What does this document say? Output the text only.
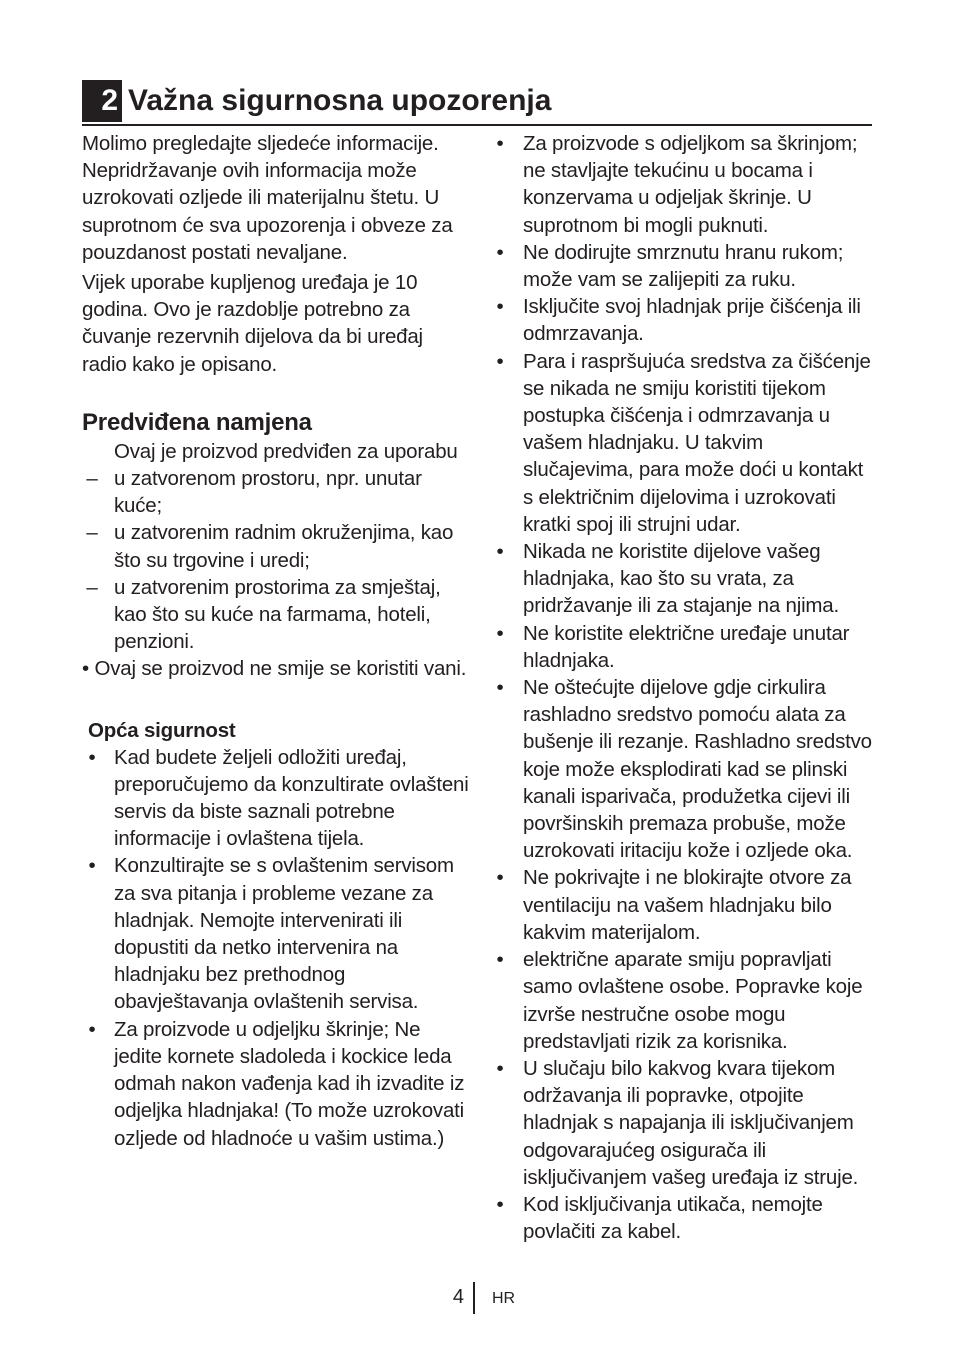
2 Važna sigurnosna upozorenja

Molimo pregledajte sljedeće informacije. Nepridržavanje ovih informacija može uzrokovati ozljede ili materijalnu štetu. U suprotnom će sva upozorenja i obveze za pouzdanost postati nevaljane.

Vijek uporabe kupljenog uređaja je 10 godina. Ovo je razdoblje potrebno za čuvanje rezervnih dijelova da bi uređaj radio kako je opisano.

Predviđena namjena

Ovaj je proizvod predviđen za uporabu

– u zatvorenom prostoru, npr. unutar kuće;
– u zatvorenim radnim okruženjima, kao što su trgovine i uredi;
– u zatvorenim prostorima za smještaj, kao što su kuće na farmama, hoteli, penzioni.

• Ovaj se proizvod ne smije se koristiti vani.

Opća sigurnost
• Kad budete željeli odložiti uređaj, preporučujemo da konzultirate ovlašteni servis da biste saznali potrebne informacije i ovlaštena tijela.
• Konzultirajte se s ovlaštenim servisom za sva pitanja i probleme vezane za hladnjak. Nemojte intervenirati ili dopustiti da netko intervenira na hladnjaku bez prethodnog obavještavanja ovlaštenih servisa.
• Za proizvode u odjeljku škrinje; Ne jedite kornete sladoleda i kockice leda odmah nakon vađenja kad ih izvadite iz odjeljka hladnjaka! (To može uzrokovati ozljede od hladnoće u vašim ustima.)
• Za proizvode s odjeljkom sa škrinjom; ne stavljajte tekućinu u bocama i konzervama u odjeljak škrinje. U suprotnom bi mogli puknuti.
• Ne dodirujte smrznutu hranu rukom; može vam se zalijepiti za ruku.
• Isključite svoj hladnjak prije čišćenja ili odmrzavanja.
• Para i raspršujuća sredstva za čišćenje se nikada ne smiju koristiti tijekom postupka čišćenja i odmrzavanja u vašem hladnjaku. U takvim slučajevima, para može doći u kontakt s električnim dijelovima i uzrokovati kratki spoj ili strujni udar.
• Nikada ne koristite dijelove vašeg hladnjaka, kao što su vrata, za pridržavanje ili za stajanje na njima.
• Ne koristite električne uređaje unutar hladnjaka.
• Ne oštećujte dijelove gdje cirkulira rashladno sredstvo pomoću alata za bušenje ili rezanje. Rashladno sredstvo koje može eksplodirati kad se plinski kanali isparivača, produžetka cijevi ili površinskih premaza probuše, može uzrokovati iritaciju kože i ozljede oka.
• Ne pokrivajte i ne blokirajte otvore za ventilaciju na vašem hladnjaku bilo kakvim materijalom.
• električne aparate smiju popravljati samo ovlaštene osobe. Popravke koje izvrše nestručne osobe mogu predstavljati rizik za korisnika.
• U slučaju bilo kakvog kvara tijekom održavanja ili popravke, otpojite hladnjak s napajanja ili isključivanjem odgovarajućeg osigurača ili isključivanjem vašeg uređaja iz struje.
• Kod isključivanja utikača, nemojte povlačiti za kabel.
4 HR
